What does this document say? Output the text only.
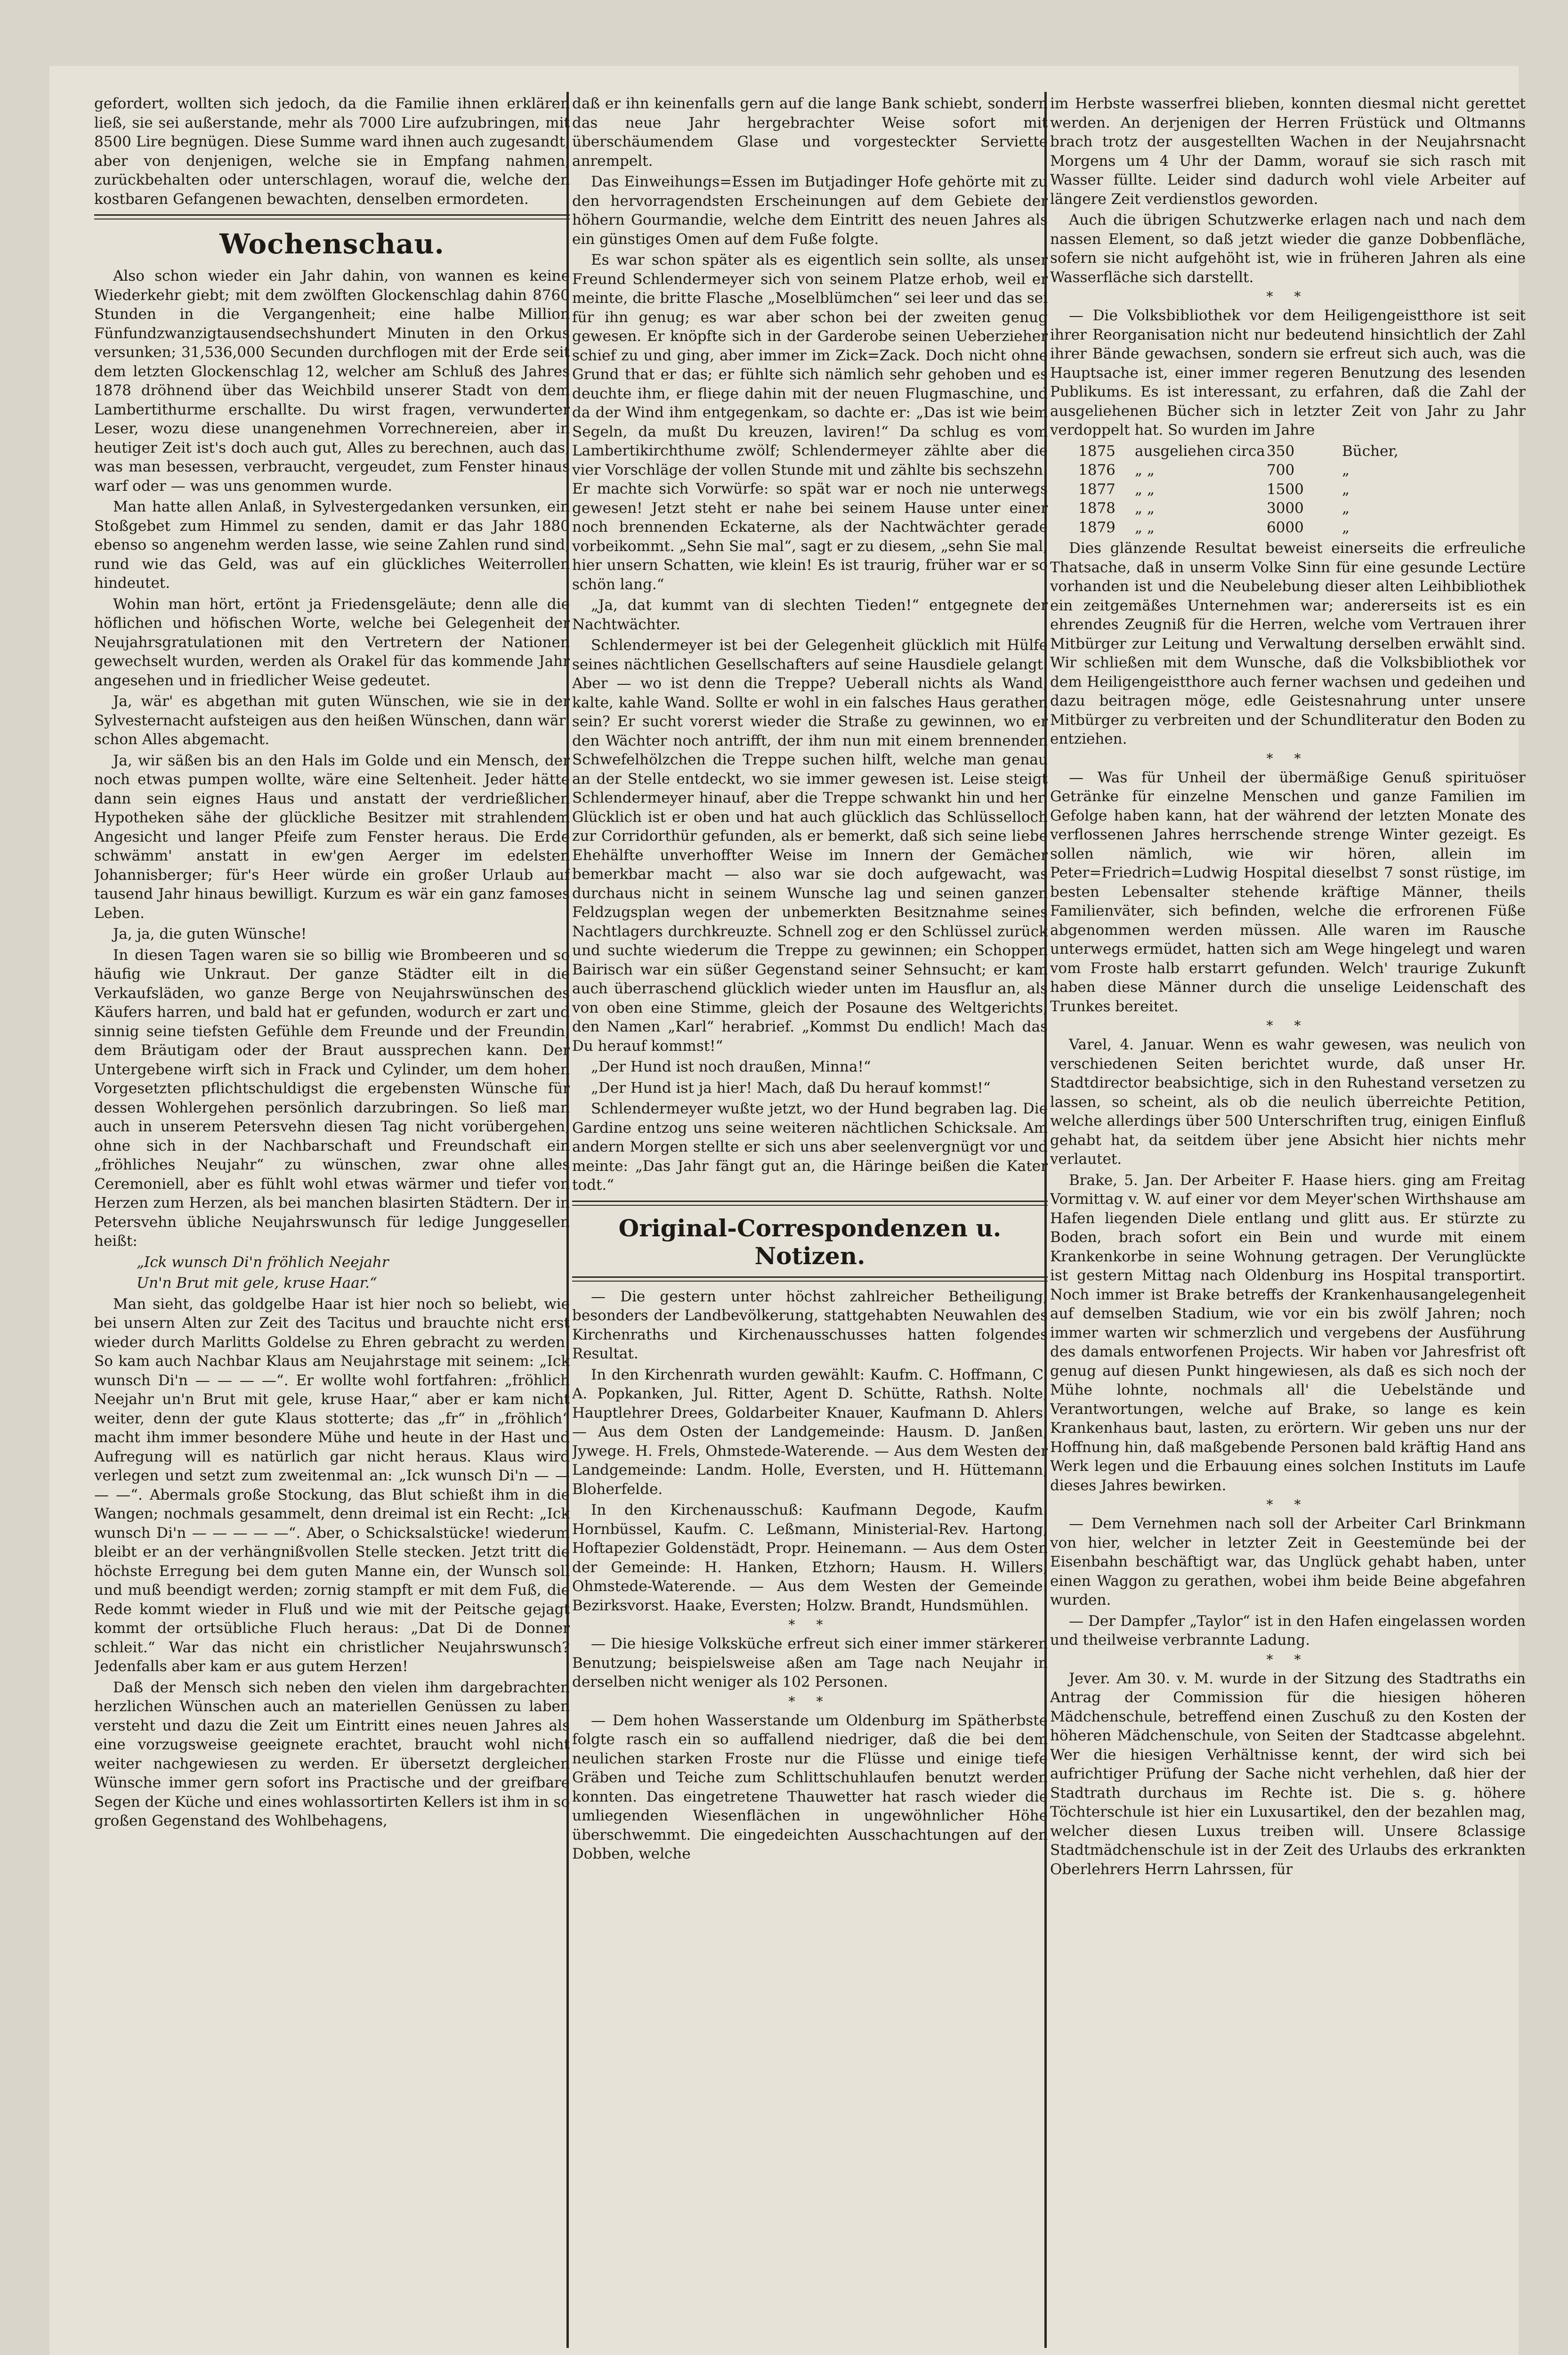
gefordert, wollten sich jedoch, da die Familie ihnen erklären ließ, sie sei außerstande, mehr als 7000 Lire aufzubringen, mit 8500 Lire begnügen. Diese Summe ward ihnen auch zugesandt, aber von denjenigen, welche sie in Empfang nahmen, zurückbehalten oder unterschlagen, worauf die, welche den kostbaren Gefangenen bewachten, denselben ermordeten.

Wochenschau.

Also schon wieder ein Jahr dahin, von wannen es keine Wiederkehr giebt; mit dem zwölften Glockenschlag dahin 8760 Stunden in die Vergangenheit; eine halbe Million Fünfundzwanzigtausendsechshundert Minuten in den Orkus versunken; 31,536,000 Secunden durchflogen mit der Erde seit dem letzten Glockenschlag 12, welcher am Schluß des Jahres 1878 dröhnend über das Weichbild unserer Stadt von dem Lambertithurme erschallte. Du wirst fragen, verwunderter Leser, wozu diese unangenehmen Vorrechnereien, aber in heutiger Zeit ist's doch auch gut, Alles zu berechnen, auch das, was man besessen, verbraucht, vergeudet, zum Fenster hinaus warf oder — was uns genommen wurde.

Man hatte allen Anlaß, in Sylvestergedanken versunken, ein Stoßgebet zum Himmel zu senden, damit er das Jahr 1880 ebenso so angenehm werden lasse, wie seine Zahlen rund sind, rund wie das Geld, was auf ein glückliches Weiterrollen hindeutet.

Wohin man hört, ertönt ja Friedensgeläute; denn alle die höflichen und höfischen Worte, welche bei Gelegenheit der Neujahrsgratulationen mit den Vertretern der Nationen gewechselt wurden, werden als Orakel für das kommende Jahr angesehen und in friedlicher Weise gedeutet.

Ja, wär' es abgethan mit guten Wünschen, wie sie in der Sylvesternacht aufsteigen aus den heißen Wünschen, dann wär' schon Alles abgemacht.

Ja, wir säßen bis an den Hals im Golde und ein Mensch, der noch etwas pumpen wollte, wäre eine Seltenheit. Jeder hätte dann sein eignes Haus und anstatt der verdrießlichen Hypotheken sähe der glückliche Besitzer mit strahlendem Angesicht und langer Pfeife zum Fenster heraus. Die Erde schwämm' anstatt in ew'gen Aerger im edelsten Johannisberger; für's Heer würde ein großer Urlaub auf tausend Jahr hinaus bewilligt. Kurzum es wär ein ganz famoses Leben.

Ja, ja, die guten Wünsche!

In diesen Tagen waren sie so billig wie Brombeeren und so häufig wie Unkraut. Der ganze Städter eilt in die Verkaufsläden, wo ganze Berge von Neujahrswünschen des Käufers harren, und bald hat er gefunden, wodurch er zart und sinnig seine tiefsten Gefühle dem Freunde und der Freundin, dem Bräutigam oder der Braut aussprechen kann. Der Untergebene wirft sich in Frack und Cylinder, um dem hohen Vorgesetzten pflichtschuldigst die ergebensten Wünsche für dessen Wohlergehen persönlich darzubringen. So ließ man auch in unserem Petersvehn diesen Tag nicht vorübergehen, ohne sich in der Nachbarschaft und Freundschaft ein „fröhliches Neujahr“ zu wünschen, zwar ohne alles Ceremoniell, aber es fühlt wohl etwas wärmer und tiefer von Herzen zum Herzen, als bei manchen blasirten Städtern. Der in Petersvehn übliche Neujahrswunsch für ledige Junggesellen heißt:

„Ick wunsch Di'n fröhlich Neejahr
Un'n Brut mit gele, kruse Haar.“

Man sieht, das goldgelbe Haar ist hier noch so beliebt, wie bei unsern Alten zur Zeit des Tacitus und brauchte nicht erst wieder durch Marlitts Goldelse zu Ehren gebracht zu werden. So kam auch Nachbar Klaus am Neujahrstage mit seinem: „Ick wunsch Di'n — — — —“. Er wollte wohl fortfahren: „fröhlich Neejahr un'n Brut mit gele, kruse Haar,“ aber er kam nicht weiter, denn der gute Klaus stotterte; das „fr“ in „fröhlich“ macht ihm immer besondere Mühe und heute in der Hast und Aufregung will es natürlich gar nicht heraus. Klaus wird verlegen und setzt zum zweitenmal an: „Ick wunsch Di'n — — — —“. Abermals große Stockung, das Blut schießt ihm in die Wangen; nochmals gesammelt, denn dreimal ist ein Recht: „Ick wunsch Di'n — — — — —“. Aber, o Schicksalstücke! wiederum bleibt er an der verhängnißvollen Stelle stecken. Jetzt tritt die höchste Erregung bei dem guten Manne ein, der Wunsch soll und muß beendigt werden; zornig stampft er mit dem Fuß, die Rede kommt wieder in Fluß und wie mit der Peitsche gejagt kommt der ortsübliche Fluch heraus: „Dat Di de Donner schleit.“ War das nicht ein christlicher Neujahrswunsch? Jedenfalls aber kam er aus gutem Herzen!

Daß der Mensch sich neben den vielen ihm dargebrachten herzlichen Wünschen auch an materiellen Genüssen zu laben versteht und dazu die Zeit um Eintritt eines neuen Jahres als eine vorzugsweise geeignete erachtet, braucht wohl nicht weiter nachgewiesen zu werden. Er übersetzt dergleichen Wünsche immer gern sofort ins Practische und der greifbare Segen der Küche und eines wohlassortirten Kellers ist ihm in so großen Gegenstand des Wohlbehagens,

daß er ihn keinenfalls gern auf die lange Bank schiebt, sondern das neue Jahr hergebrachter Weise sofort mit überschäumendem Glase und vorgesteckter Serviette anrempelt.

Das Einweihungs=Essen im Butjadinger Hofe gehörte mit zu den hervorragendsten Erscheinungen auf dem Gebiete der höhern Gourmandie, welche dem Eintritt des neuen Jahres als ein günstiges Omen auf dem Fuße folgte.

Es war schon später als es eigentlich sein sollte, als unser Freund Schlendermeyer sich von seinem Platze erhob, weil er meinte, die britte Flasche „Moselblümchen“ sei leer und das sei für ihn genug; es war aber schon bei der zweiten genug gewesen. Er knöpfte sich in der Garderobe seinen Ueberzieher schief zu und ging, aber immer im Zick=Zack. Doch nicht ohne Grund that er das; er fühlte sich nämlich sehr gehoben und es deuchte ihm, er fliege dahin mit der neuen Flugmaschine, und da der Wind ihm entgegenkam, so dachte er: „Das ist wie beim Segeln, da mußt Du kreuzen, laviren!“ Da schlug es vom Lambertikirchthume zwölf; Schlendermeyer zählte aber die vier Vorschläge der vollen Stunde mit und zählte bis sechszehn. Er machte sich Vorwürfe: so spät war er noch nie unterwegs gewesen! Jetzt steht er nahe bei seinem Hause unter einer noch brennenden Eckaterne, als der Nachtwächter gerade vorbeikommt. „Sehn Sie mal“, sagt er zu diesem, „sehn Sie mal, hier unsern Schatten, wie klein! Es ist traurig, früher war er so schön lang.“

„Ja, dat kummt van di slechten Tieden!“ entgegnete der Nachtwächter.

Schlendermeyer ist bei der Gelegenheit glücklich mit Hülfe seines nächtlichen Gesellschafters auf seine Hausdiele gelangt. Aber — wo ist denn die Treppe? Ueberall nichts als Wand, kalte, kahle Wand. Sollte er wohl in ein falsches Haus gerathen sein? Er sucht vorerst wieder die Straße zu gewinnen, wo er den Wächter noch antrifft, der ihm nun mit einem brennenden Schwefelhölzchen die Treppe suchen hilft, welche man genau an der Stelle entdeckt, wo sie immer gewesen ist. Leise steigt Schlendermeyer hinauf, aber die Treppe schwankt hin und her. Glücklich ist er oben und hat auch glücklich das Schlüsselloch zur Corridorthür gefunden, als er bemerkt, daß sich seine liebe Ehehälfte unverhoffter Weise im Innern der Gemächer bemerkbar macht — also war sie doch aufgewacht, was durchaus nicht in seinem Wunsche lag und seinen ganzen Feldzugsplan wegen der unbemerkten Besitznahme seines Nachtlagers durchkreuzte. Schnell zog er den Schlüssel zurück und suchte wiederum die Treppe zu gewinnen; ein Schoppen Bairisch war ein süßer Gegenstand seiner Sehnsucht; er kam auch überraschend glücklich wieder unten im Hausflur an, als von oben eine Stimme, gleich der Posaune des Weltgerichts, den Namen „Karl“ herabrief. „Kommst Du endlich! Mach das Du herauf kommst!“

„Der Hund ist noch draußen, Minna!“

„Der Hund ist ja hier! Mach, daß Du herauf kommst!“

Schlendermeyer wußte jetzt, wo der Hund begraben lag. Die Gardine entzog uns seine weiteren nächtlichen Schicksale. Am andern Morgen stellte er sich uns aber seelenvergnügt vor und meinte: „Das Jahr fängt gut an, die Häringe beißen die Kater todt.“

Original-Correspondenzen u. Notizen.

— Die gestern unter höchst zahlreicher Betheiligung, besonders der Landbevölkerung, stattgehabten Neuwahlen des Kirchenraths und Kirchenausschusses hatten folgendes Resultat.

In den Kirchenrath wurden gewählt: Kaufm. C. Hoffmann, C. A. Popkanken, Jul. Ritter, Agent D. Schütte, Rathsh. Nolte, Hauptlehrer Drees, Goldarbeiter Knauer, Kaufmann D. Ahlers. — Aus dem Osten der Landgemeinde: Hausm. D. Janßen, Jywege. H. Frels, Ohmstede-Waterende. — Aus dem Westen der Landgemeinde: Landm. Holle, Eversten, und H. Hüttemann, Bloherfelde.

In den Kirchenausschuß: Kaufmann Degode, Kaufm. Hornbüssel, Kaufm. C. Leßmann, Ministerial-Rev. Hartong, Hoftapezier Goldenstädt, Propr. Heinemann. — Aus dem Osten der Gemeinde: H. Hanken, Etzhorn; Hausm. H. Willers, Ohmstede-Waterende. — Aus dem Westen der Gemeinde: Bezirksvorst. Haake, Eversten; Holzw. Brandt, Hundsmühlen.

* *

— Die hiesige Volksküche erfreut sich einer immer stärkeren Benutzung; beispielsweise aßen am Tage nach Neujahr in derselben nicht weniger als 102 Personen.

* *

— Dem hohen Wasserstande um Oldenburg im Spätherbste folgte rasch ein so auffallend niedriger, daß die bei dem neulichen starken Froste nur die Flüsse und einige tiefe Gräben und Teiche zum Schlittschuhlaufen benutzt werden konnten. Das eingetretene Thauwetter hat rasch wieder die umliegenden Wiesenflächen in ungewöhnlicher Höhe überschwemmt. Die eingedeichten Ausschachtungen auf den Dobben, welche

im Herbste wasserfrei blieben, konnten diesmal nicht gerettet werden. An derjenigen der Herren Früstück und Oltmanns brach trotz der ausgestellten Wachen in der Neujahrsnacht Morgens um 4 Uhr der Damm, worauf sie sich rasch mit Wasser füllte. Leider sind dadurch wohl viele Arbeiter auf längere Zeit verdienstlos geworden.

Auch die übrigen Schutzwerke erlagen nach und nach dem nassen Element, so daß jetzt wieder die ganze Dobbenfläche, sofern sie nicht aufgehöht ist, wie in früheren Jahren als eine Wasserfläche sich darstellt.

* *

— Die Volksbibliothek vor dem Heiligengeistthore ist seit ihrer Reorganisation nicht nur bedeutend hinsichtlich der Zahl ihrer Bände gewachsen, sondern sie erfreut sich auch, was die Hauptsache ist, einer immer regeren Benutzung des lesenden Publikums. Es ist interessant, zu erfahren, daß die Zahl der ausgeliehenen Bücher sich in letzter Zeit von Jahr zu Jahr verdoppelt hat. So wurden im Jahre

1875	ausgeliehen circa 350	Bücher,
1876	„ „	700	„
1877	„ „	1500	„
1878	„ „	3000	„
1879	„ „	6000	„

Dies glänzende Resultat beweist einerseits die erfreuliche Thatsache, daß in unserm Volke Sinn für eine gesunde Lectüre vorhanden ist und die Neubelebung dieser alten Leihbibliothek ein zeitgemäßes Unternehmen war; andererseits ist es ein ehrendes Zeugniß für die Herren, welche vom Vertrauen ihrer Mitbürger zur Leitung und Verwaltung derselben erwählt sind. Wir schließen mit dem Wunsche, daß die Volksbibliothek vor dem Heiligengeistthore auch ferner wachsen und gedeihen und dazu beitragen möge, edle Geistesnahrung unter unsere Mitbürger zu verbreiten und der Schundliteratur den Boden zu entziehen.

* *

— Was für Unheil der übermäßige Genuß spirituöser Getränke für einzelne Menschen und ganze Familien im Gefolge haben kann, hat der während der letzten Monate des verflossenen Jahres herrschende strenge Winter gezeigt. Es sollen nämlich, wie wir hören, allein im Peter=Friedrich=Ludwig Hospital dieselbst 7 sonst rüstige, im besten Lebensalter stehende kräftige Männer, theils Familienväter, sich befinden, welche die erfrorenen Füße abgenommen werden müssen. Alle waren im Rausche unterwegs ermüdet, hatten sich am Wege hingelegt und waren vom Froste halb erstarrt gefunden. Welch' traurige Zukunft haben diese Männer durch die unselige Leidenschaft des Trunkes bereitet.

* *

Varel, 4. Januar. Wenn es wahr gewesen, was neulich von verschiedenen Seiten berichtet wurde, daß unser Hr. Stadtdirector beabsichtige, sich in den Ruhestand versetzen zu lassen, so scheint, als ob die neulich überreichte Petition, welche allerdings über 500 Unterschriften trug, einigen Einfluß gehabt hat, da seitdem über jene Absicht hier nichts mehr verlautet.

Brake, 5. Jan. Der Arbeiter F. Haase hiers. ging am Freitag Vormittag v. W. auf einer vor dem Meyer'schen Wirthshause am Hafen liegenden Diele entlang und glitt aus. Er stürzte zu Boden, brach sofort ein Bein und wurde mit einem Krankenkorbe in seine Wohnung getragen. Der Verunglückte ist gestern Mittag nach Oldenburg ins Hospital transportirt. Noch immer ist Brake betreffs der Krankenhausangelegenheit auf demselben Stadium, wie vor ein bis zwölf Jahren; noch immer warten wir schmerzlich und vergebens der Ausführung des damals entworfenen Projects. Wir haben vor Jahresfrist oft genug auf diesen Punkt hingewiesen, als daß es sich noch der Mühe lohnte, nochmals all' die Uebelstände und Verantwortungen, welche auf Brake, so lange es kein Krankenhaus baut, lasten, zu erörtern. Wir geben uns nur der Hoffnung hin, daß maßgebende Personen bald kräftig Hand ans Werk legen und die Erbauung eines solchen Instituts im Laufe dieses Jahres bewirken.

* *

— Dem Vernehmen nach soll der Arbeiter Carl Brinkmann von hier, welcher in letzter Zeit in Geestemünde bei der Eisenbahn beschäftigt war, das Unglück gehabt haben, unter einen Waggon zu gerathen, wobei ihm beide Beine abgefahren wurden.

— Der Dampfer „Taylor“ ist in den Hafen eingelassen worden und theilweise verbrannte Ladung.

* *

Jever. Am 30. v. M. wurde in der Sitzung des Stadtraths ein Antrag der Commission für die hiesigen höheren Mädchenschule, betreffend einen Zuschuß zu den Kosten der höheren Mädchenschule, von Seiten der Stadtcasse abgelehnt. Wer die hiesigen Verhältnisse kennt, der wird sich bei aufrichtiger Prüfung der Sache nicht verhehlen, daß hier der Stadtrath durchaus im Rechte ist. Die s. g. höhere Töchterschule ist hier ein Luxusartikel, den der bezahlen mag, welcher diesen Luxus treiben will. Unsere 8classige Stadtmädchenschule ist in der Zeit des Urlaubs des erkrankten Oberlehrers Herrn Lahrssen, für
